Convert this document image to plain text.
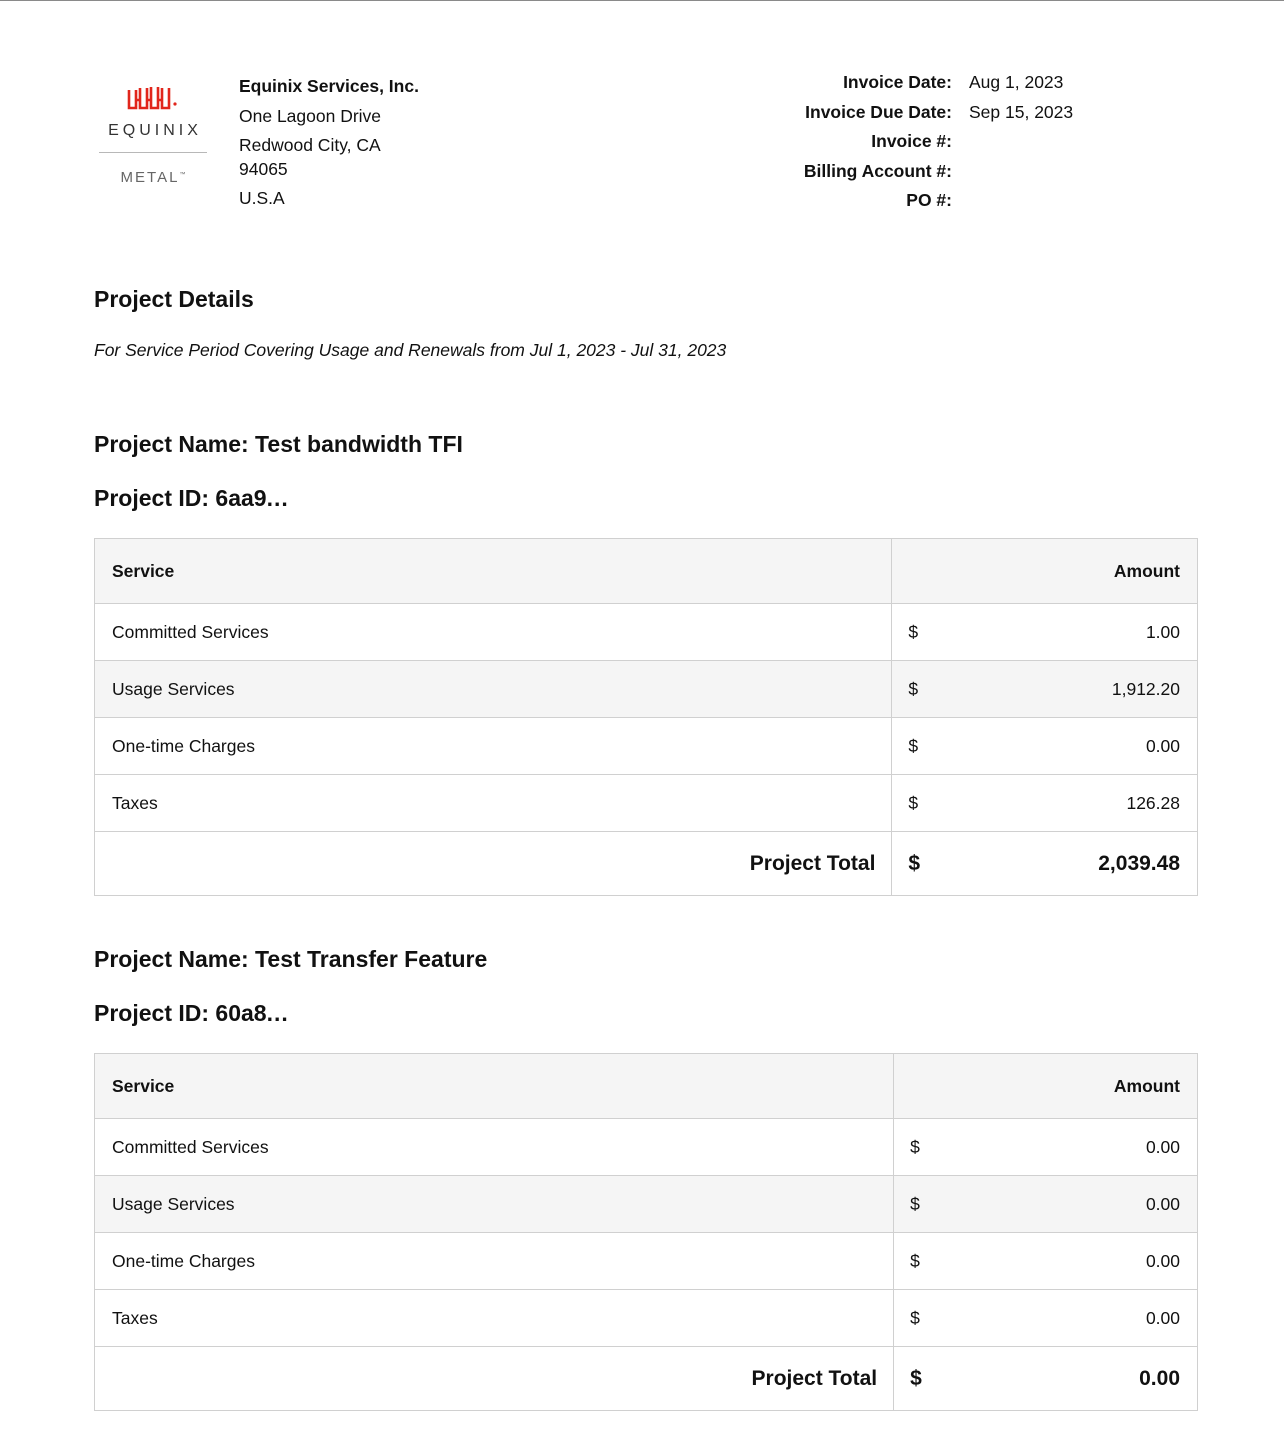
EQUINIX
METAL™
Equinix Services, Inc.
One Lagoon Drive
Redwood City, CA
94065
U.S.A
Invoice Date: Aug 1, 2023
Invoice Due Date: Sep 15, 2023
Invoice #:
Billing Account #:
PO #:
Project Details
For Service Period Covering Usage and Renewals from Jul 1, 2023 - Jul 31, 2023
Project Name: Test bandwidth TFI
Project ID: 6aa9...
Service	Amount
Committed Services	$ 1.00

Usage Services	$ 1,912.20

One-time Charges	$ 0.00

Taxes	$ 126.28

Project Total	$ 2,039.48
Project Name: Test Transfer Feature
Project ID: 60a8...
Service	Amount
Committed Services	$ 0.00

Usage Services	$ 0.00

One-time Charges	$ 0.00

Taxes	$ 0.00

Project Total	$ 0.00
